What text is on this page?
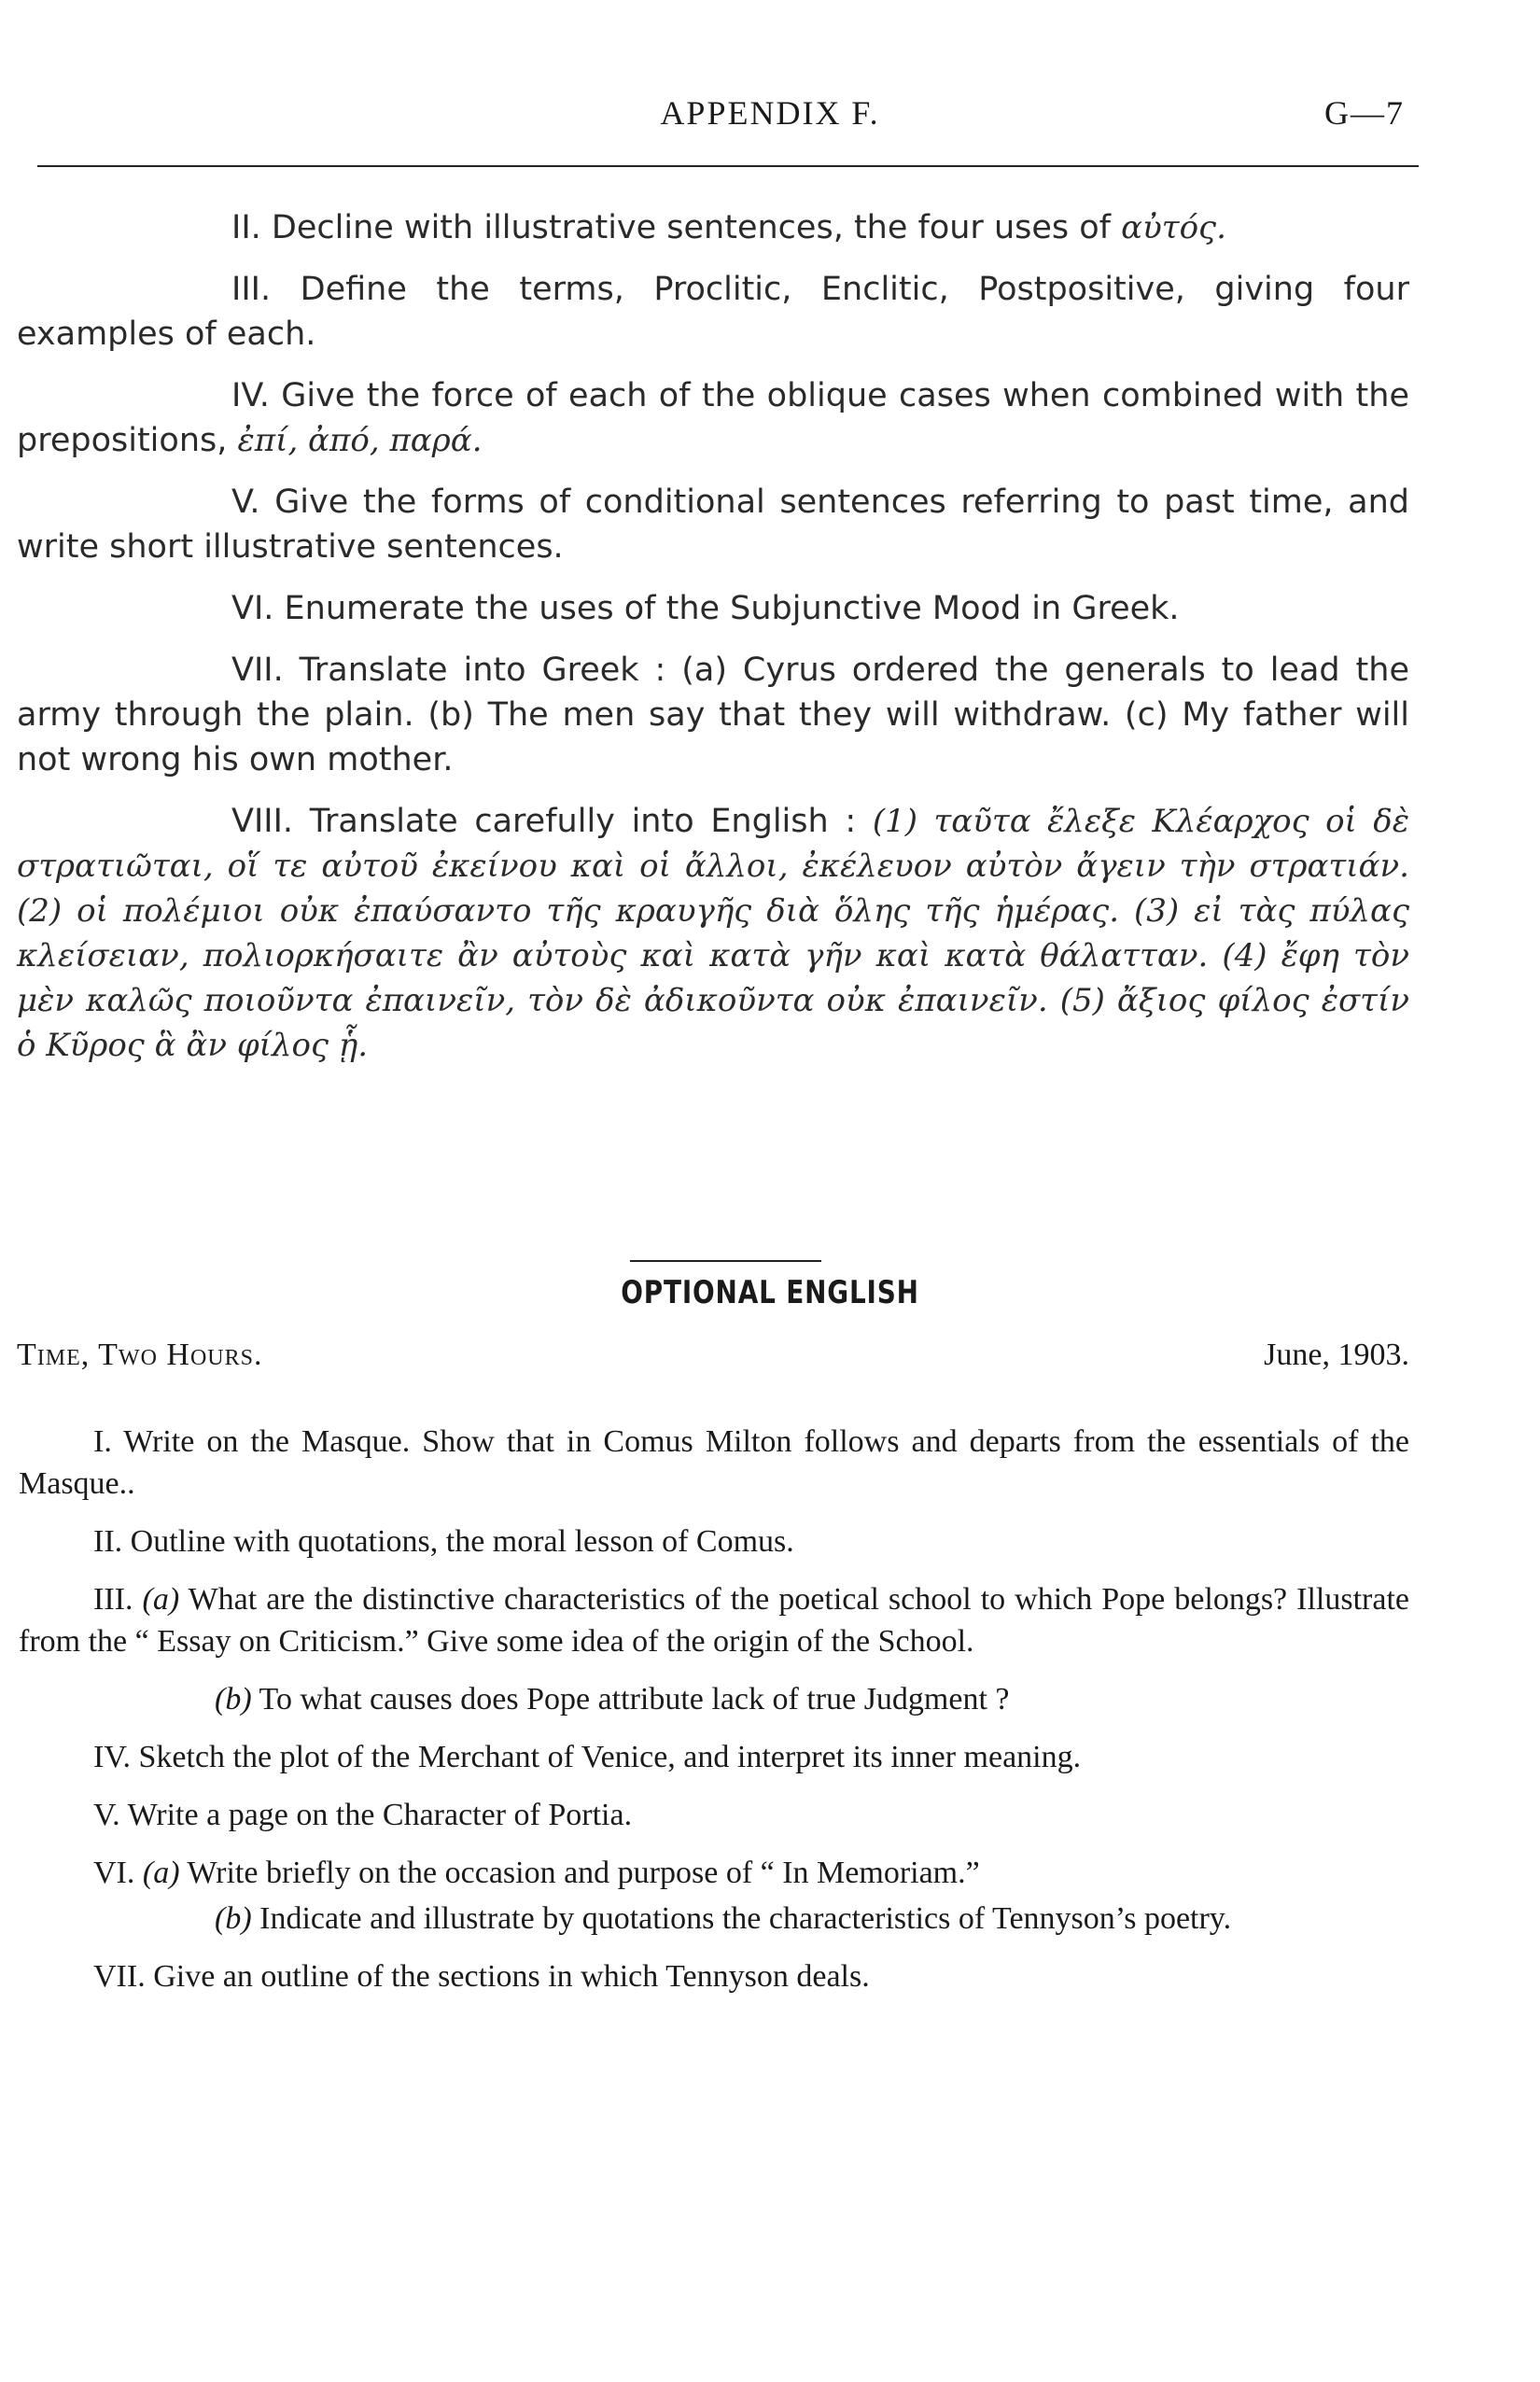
APPENDIX F.	G—7

II. Decline with illustrative sentences, the four uses of αὐτός.

III. Define the terms, Proclitic, Enclitic, Postpositive, giving four examples of each.

IV. Give the force of each of the oblique cases when combined with the prepositions, ἐπί, ἀπό, παρά.

V. Give the forms of conditional sentences referring to past time, and write short illustrative sentences.

VI. Enumerate the uses of the Subjunctive Mood in Greek.

VII. Translate into Greek : (a) Cyrus ordered the generals to lead the army through the plain. (b) The men say that they will withdraw. (c) My father will not wrong his own mother.

VIII. Translate carefully into English : (1) ταῦτα ἔλεξε Κλέαρχος οἱ δὲ στρατιῶται, οἵ τε αὐτοῦ ἐκείνου καὶ οἱ ἄλλοι, ἐκέλευον αὐτὸν ἄγειν τὴν στρατιάν. (2) οἱ πολέμιοι οὐκ ἐπαύσαντο τῆς κραυγῆς διὰ ὅλης τῆς ἡμέρας. (3) εἰ τὰς πύλας κλείσειαν, πολιορκήσαιτε ἂν αὐτοὺς καὶ κατὰ γῆν καὶ κατὰ θάλατταν. (4) ἔφη τὸν μὲν καλῶς ποιοῦντα ἐπαινεῖν, τὸν δὲ ἀδικοῦντα οὐκ ἐπαινεῖν. (5) ἄξιος φίλος ἐστίν ὁ Κῦρος ἃ ἂν φίλος ᾗ.

OPTIONAL ENGLISH
Time, Two Hours.	June, 1903.

I. Write on the Masque. Show that in Comus Milton follows and departs from the essentials of the Masque..

II. Outline with quotations, the moral lesson of Comus.

III. (a) What are the distinctive characteristics of the poetical school to which Pope belongs? Illustrate from the “ Essay on Criticism.” Give some idea of the origin of the School.

(b) To what causes does Pope attribute lack of true Judgment ?

IV. Sketch the plot of the Merchant of Venice, and interpret its inner meaning.

V. Write a page on the Character of Portia.

VI. (a) Write briefly on the occasion and purpose of “ In Memoriam.”

(b) Indicate and illustrate by quotations the characteristics of Tennyson’s poetry.

VII. Give an outline of the sections in which Tennyson deals.
